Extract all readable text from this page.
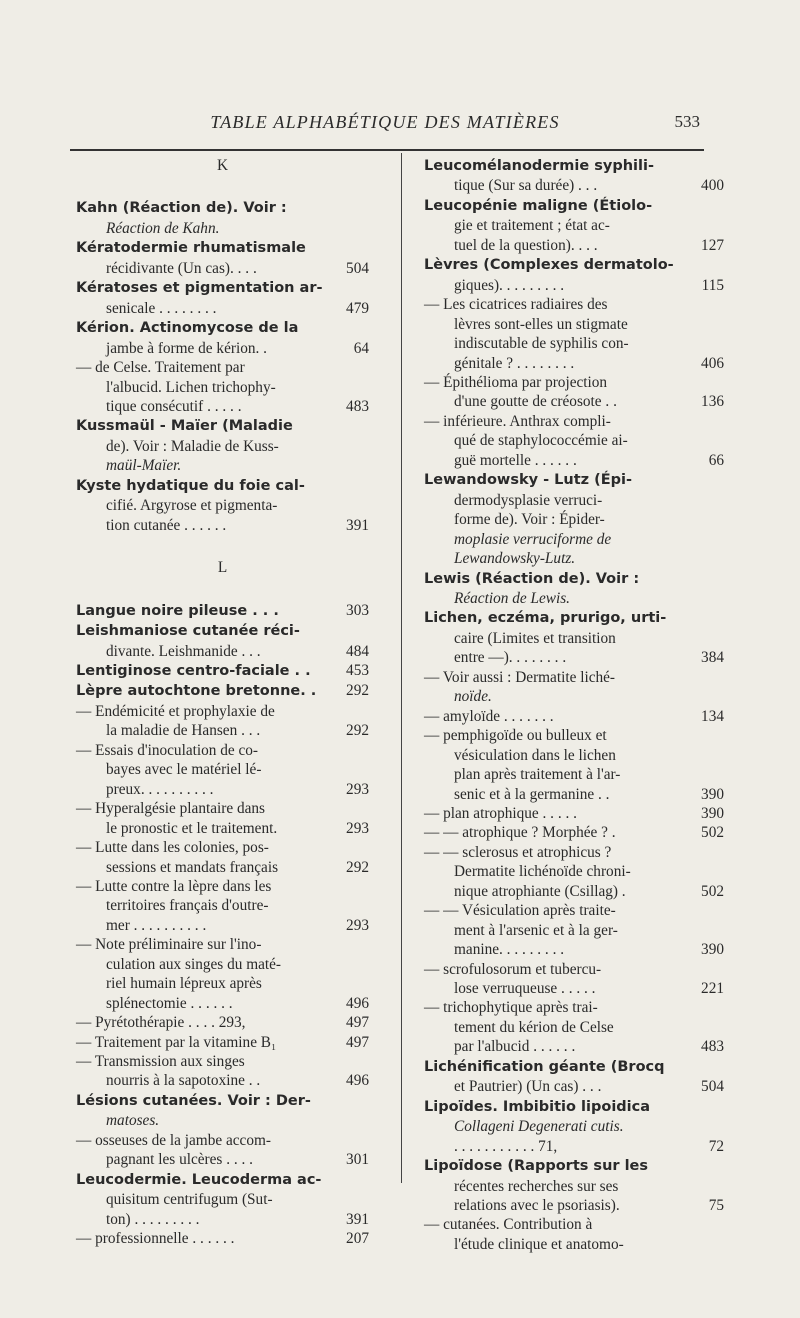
TABLE ALPHABÉTIQUE DES MATIÈRES	533
K
Kahn (Réaction de). Voir :
Réaction de Kahn.
Kératodermie rhumatismale
récidivante (Un cas). . . .	504
Kératoses et pigmentation ar-
senicale . . . . . . . .	479
Kérion. Actinomycose de la
jambe à forme de kérion. .	64
— de Celse. Traitement par
l'albucid. Lichen trichophy-
tique consécutif . . . . .	483
Kussmaül - Maïer (Maladie
de). Voir : Maladie de Kuss-
maül-Maïer.
Kyste hydatique du foie cal-
cifié. Argyrose et pigmenta-
tion cutanée . . . . . .	391
L
Langue noire pileuse . . .	303
Leishmaniose cutanée réci-
divante. Leishmanide . . .	484
Lentiginose centro-faciale . . 453
Lèpre autochtone bretonne. . 292
— Endémicité et prophylaxie de
la maladie de Hansen . . .	292
— Essais d'inoculation de co-
bayes avec le matériel lé-
preux. . . . . . . . . .	293
— Hyperalgésie plantaire dans
le pronostic et le traitement.	293
— Lutte dans les colonies, pos-
sessions et mandats français	292
— Lutte contre la lèpre dans les
territoires français d'outre-
mer . . . . . . . . . .	293
— Note préliminaire sur l'ino-
culation aux singes du maté-
riel humain lépreux après
splénectomie . . . . . .	496
— Pyrétothérapie . . . . 293,	497
— Traitement par la vitamine B₁	497
— Transmission aux singes
nourris à la sapotoxine . .	496
Lésions cutanées. Voir : Der-
matoses.
— osseuses de la jambe accom-
pagnant les ulcères . . . .	301
Leucodermie. Leucoderma ac-
quisitum centrifugum (Sut-
ton) . . . . . . . . .	391
— professionnelle . . . . . .	207
Leucomélanodermie syphili-
tique (Sur sa durée) . . .	400
Leucopénie maligne (Étiolo-
gie et traitement ; état ac-
tuel de la question). . . .	127
Lèvres (Complexes dermatolo-
giques). . . . . . . . .	115
— Les cicatrices radiaires des
lèvres sont-elles un stigmate
indiscutable de syphilis con-
génitale ? . . . . . . . .	406
— Épithélioma par projection
d'une goutte de créosote . .	136
— inférieure. Anthrax compli-
qué de staphylococcémie ai-
guë mortelle . . . . . .	66
Lewandowsky - Lutz (Épi-
dermodysplasie verruci-
forme de). Voir : Épider-
moplasie verruciforme de
Lewandowsky-Lutz.
Lewis (Réaction de). Voir :
Réaction de Lewis.
Lichen, eczéma, prurigo, urti-
caire (Limites et transition
entre —). . . . . . . .	384
— Voir aussi : Dermatite liché-
noïde.
— amyloïde . . . . . . .	134
— pemphigoïde ou bulleux et
vésiculation dans le lichen
plan après traitement à l'ar-
senic et à la germanine . .	390
— plan atrophique . . . . .	390
— — atrophique ? Morphée ? .	502
— — sclerosus et atrophicus ?
Dermatite lichénoïde chroni-
nique atrophiante (Csillag) .	502
— — Vésiculation après traite-
ment à l'arsenic et à la ger-
manine. . . . . . . . .	390
— scrofulosorum et tubercu-
lose verruqueuse . . . . .	221
— trichophytique après trai-
tement du kérion de Celse
par l'albucid . . . . . .	483
Lichénification géante (Brocq
et Pautrier) (Un cas) . . .	504
Lipoïdes. Imbibitio lipoidica
Collageni Degenerati cutis.
. . . . . . . . . . . 71,	72
Lipoïdose (Rapports sur les
récentes recherches sur ses
relations avec le psoriasis).	75
— cutanées. Contribution à
l'étude clinique et anatomo-
